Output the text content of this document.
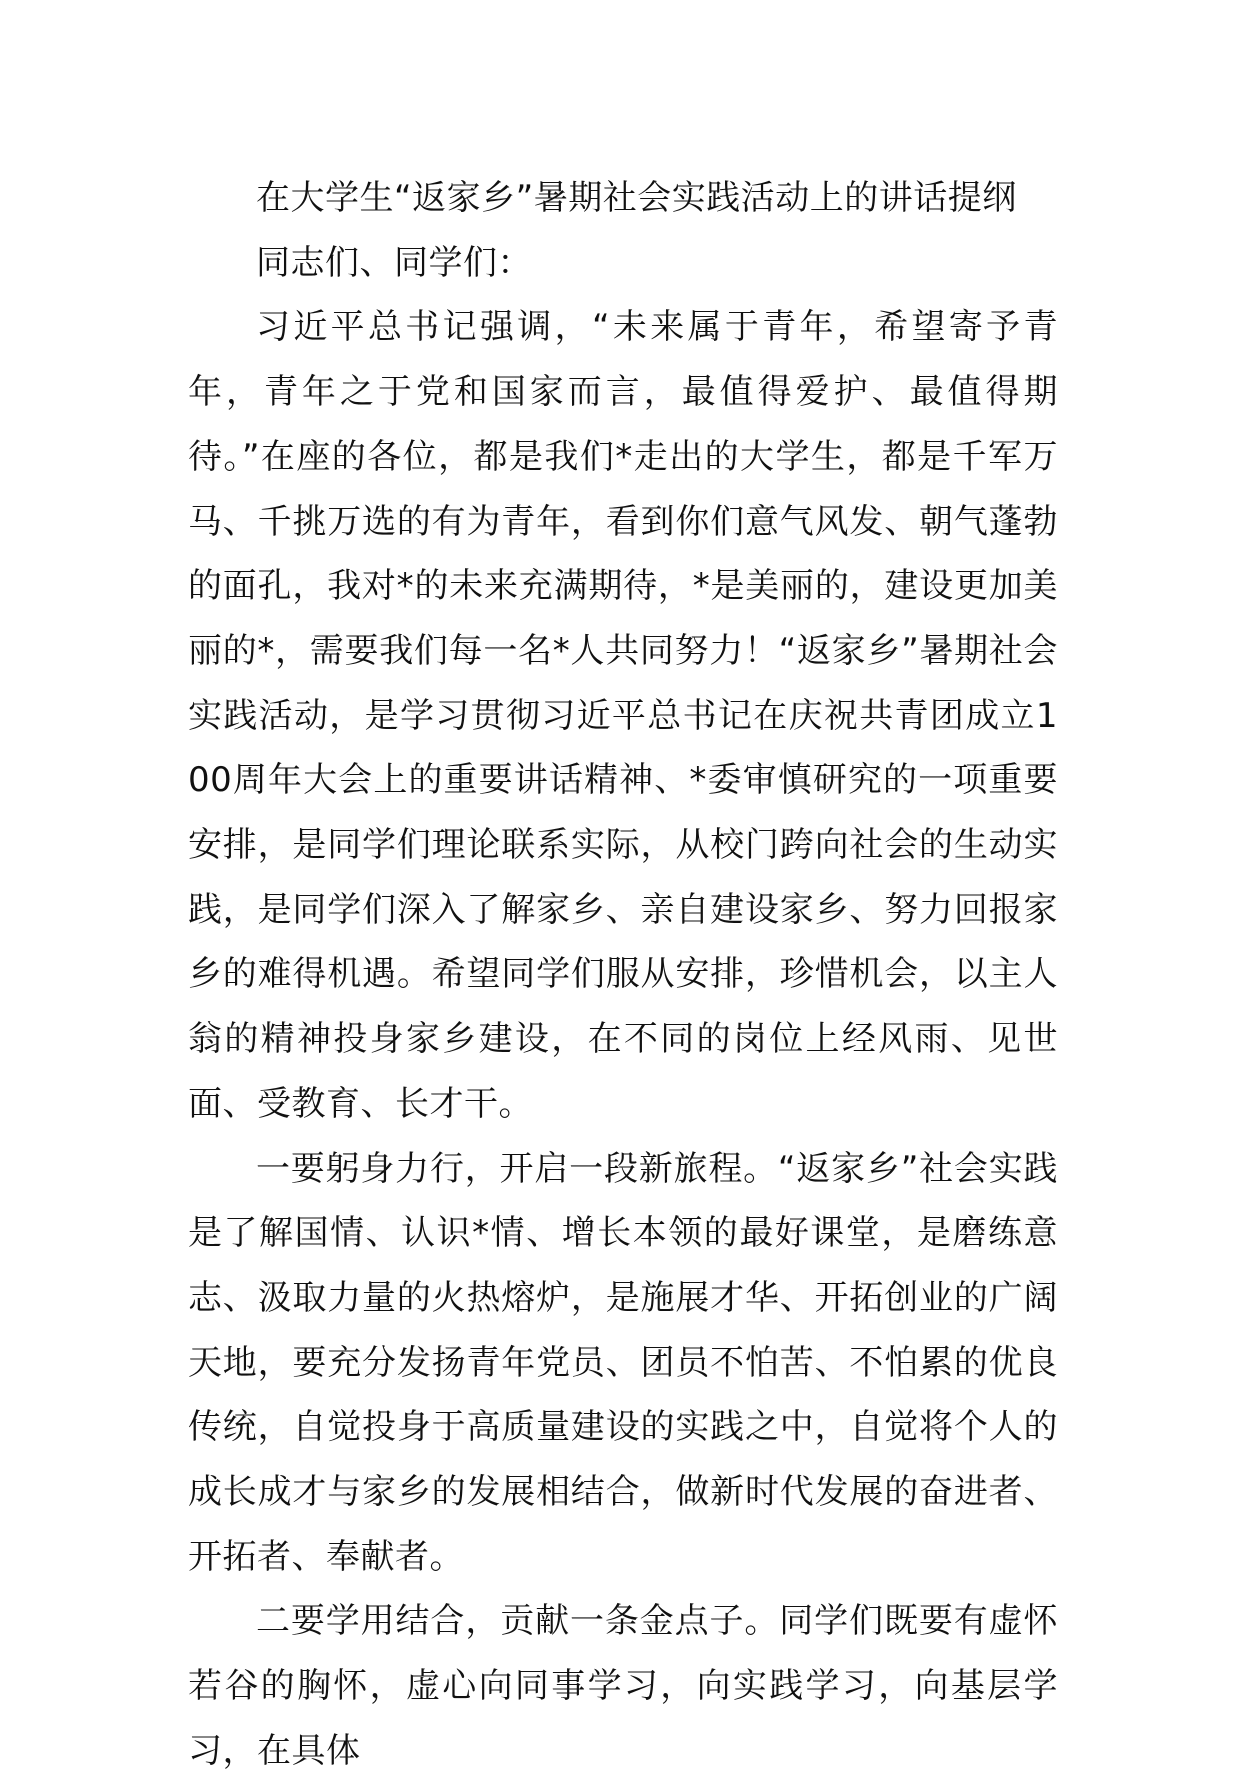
在大学生“返家乡”暑期社会实践活动上的讲话提纲

同志们、同学们：

习近平总书记强调，“未来属于青年，希望寄予青年，青年之于党和国家而言，最值得爱护、最值得期待。”在座的各位，都是我们*走出的大学生，都是千军万马、千挑万选的有为青年，看到你们意气风发、朝气蓬勃的面孔，我对*的未来充满期待，*是美丽的，建设更加美丽的*，需要我们每一名*人共同努力！“返家乡”暑期社会实践活动，是学习贯彻习近平总书记在庆祝共青团成立100周年大会上的重要讲话精神、*委审慎研究的一项重要安排，是同学们理论联系实际，从校门跨向社会的生动实践，是同学们深入了解家乡、亲自建设家乡、努力回报家乡的难得机遇。希望同学们服从安排，珍惜机会，以主人翁的精神投身家乡建设，在不同的岗位上经风雨、见世面、受教育、长才干。

一要躬身力行，开启一段新旅程。“返家乡”社会实践是了解国情、认识*情、增长本领的最好课堂，是磨练意志、汲取力量的火热熔炉，是施展才华、开拓创业的广阔天地，要充分发扬青年党员、团员不怕苦、不怕累的优良传统，自觉投身于高质量建设的实践之中，自觉将个人的成长成才与家乡的发展相结合，做新时代发展的奋进者、开拓者、奉献者。

二要学用结合，贡献一条金点子。同学们既要有虚怀若谷的胸怀，虚心向同事学习，向实践学习，向基层学习，在具体
